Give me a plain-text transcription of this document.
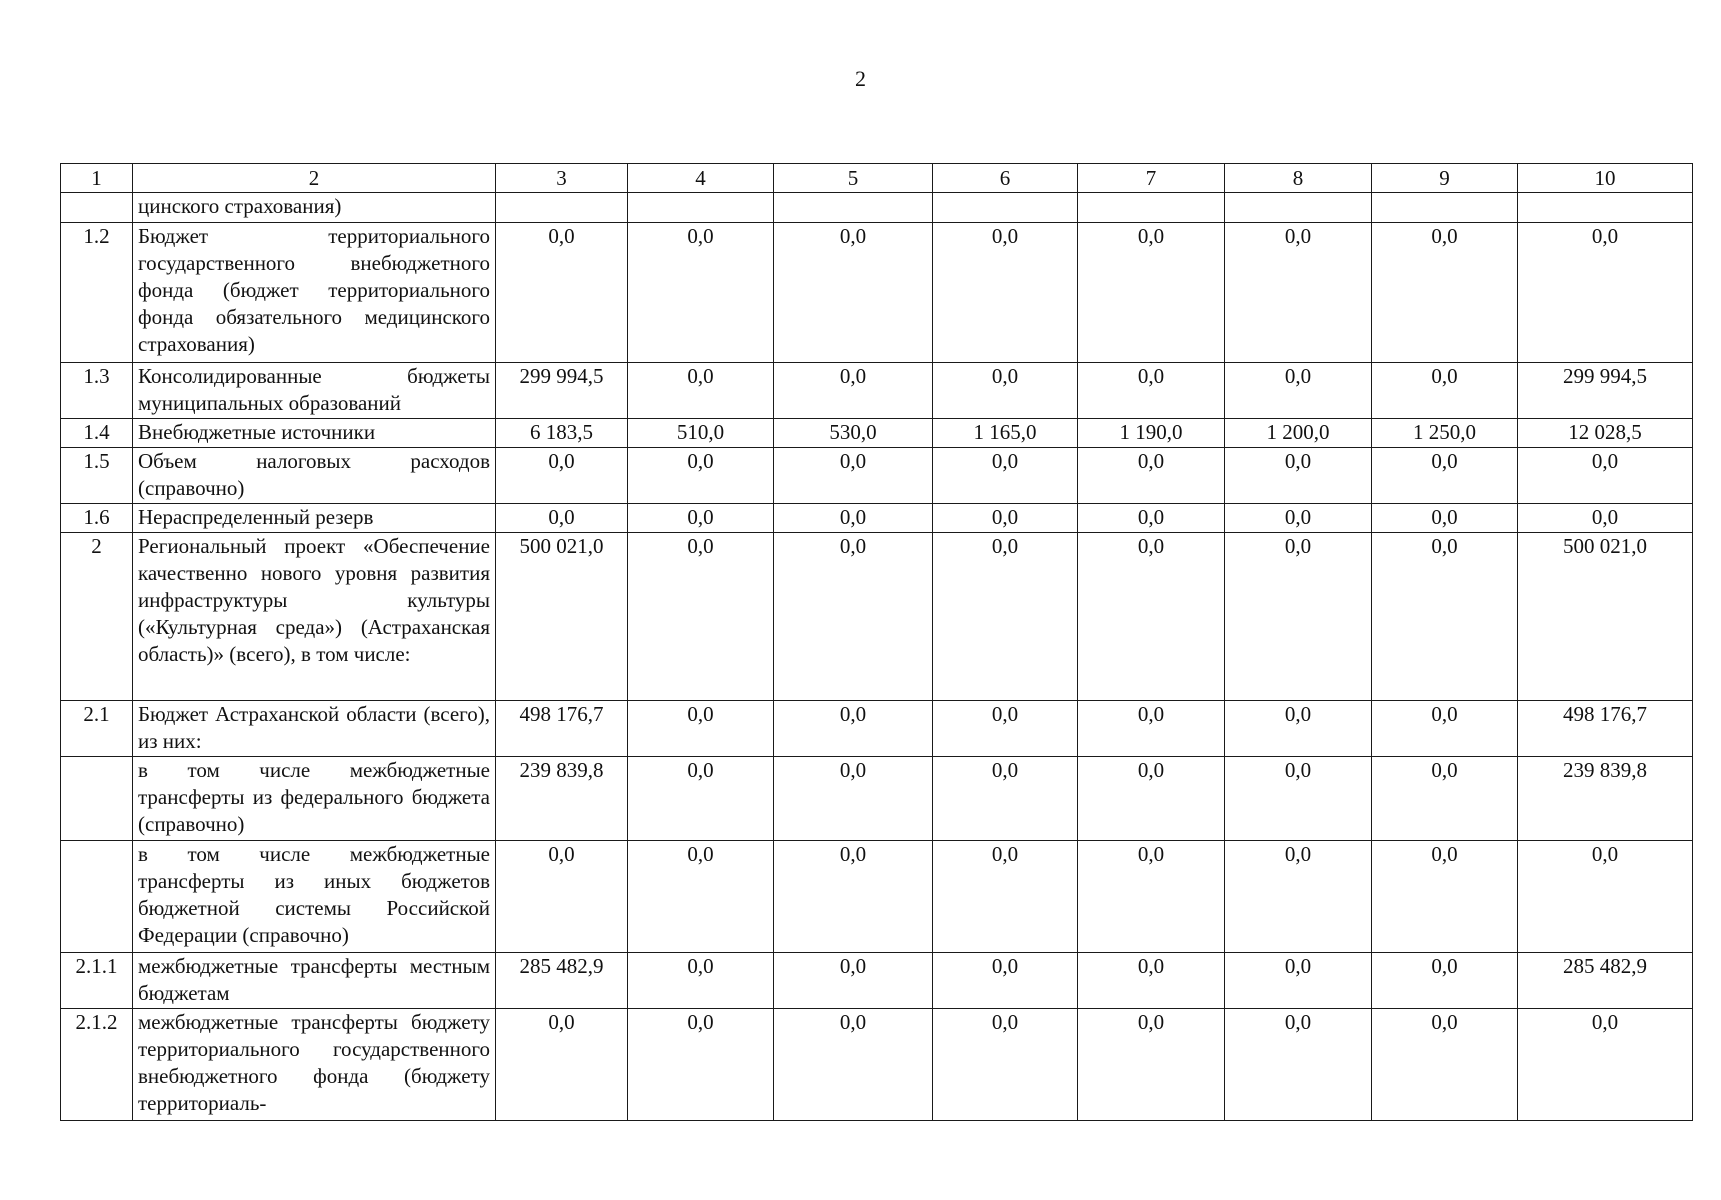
2
1	2	3	4	5	6	7	8	9	10
	цинского страхования)								
1.2	Бюджет территориального государственного внебюджетного фонда (бюджет территориального фонда обязательного медицинского страхования)	0,0	0,0	0,0	0,0	0,0	0,0	0,0	0,0
1.3	Консолидированные бюджеты муниципальных образований	299 994,5	0,0	0,0	0,0	0,0	0,0	0,0	299 994,5
1.4	Внебюджетные источники	6 183,5	510,0	530,0	1 165,0	1 190,0	1 200,0	1 250,0	12 028,5
1.5	Объем налоговых расходов (справочно)	0,0	0,0	0,0	0,0	0,0	0,0	0,0	0,0
1.6	Нераспределенный резерв	0,0	0,0	0,0	0,0	0,0	0,0	0,0	0,0
2	Региональный проект «Обеспечение качественно нового уровня развития инфраструктуры культуры («Культурная среда») (Астраханская область)» (всего), в том числе:	500 021,0	0,0	0,0	0,0	0,0	0,0	0,0	500 021,0
2.1	Бюджет Астраханской области (всего), из них:	498 176,7	0,0	0,0	0,0	0,0	0,0	0,0	498 176,7
	в том числе межбюджетные трансферты из федерального бюджета (справочно)	239 839,8	0,0	0,0	0,0	0,0	0,0	0,0	239 839,8
	в том числе межбюджетные трансферты из иных бюджетов бюджетной системы Российской Федерации (справочно)	0,0	0,0	0,0	0,0	0,0	0,0	0,0	0,0
2.1.1	межбюджетные трансферты местным бюджетам	285 482,9	0,0	0,0	0,0	0,0	0,0	0,0	285 482,9
2.1.2	межбюджетные трансферты бюджету территориального государственного внебюджетного фонда (бюджету территориаль-	0,0	0,0	0,0	0,0	0,0	0,0	0,0	0,0
